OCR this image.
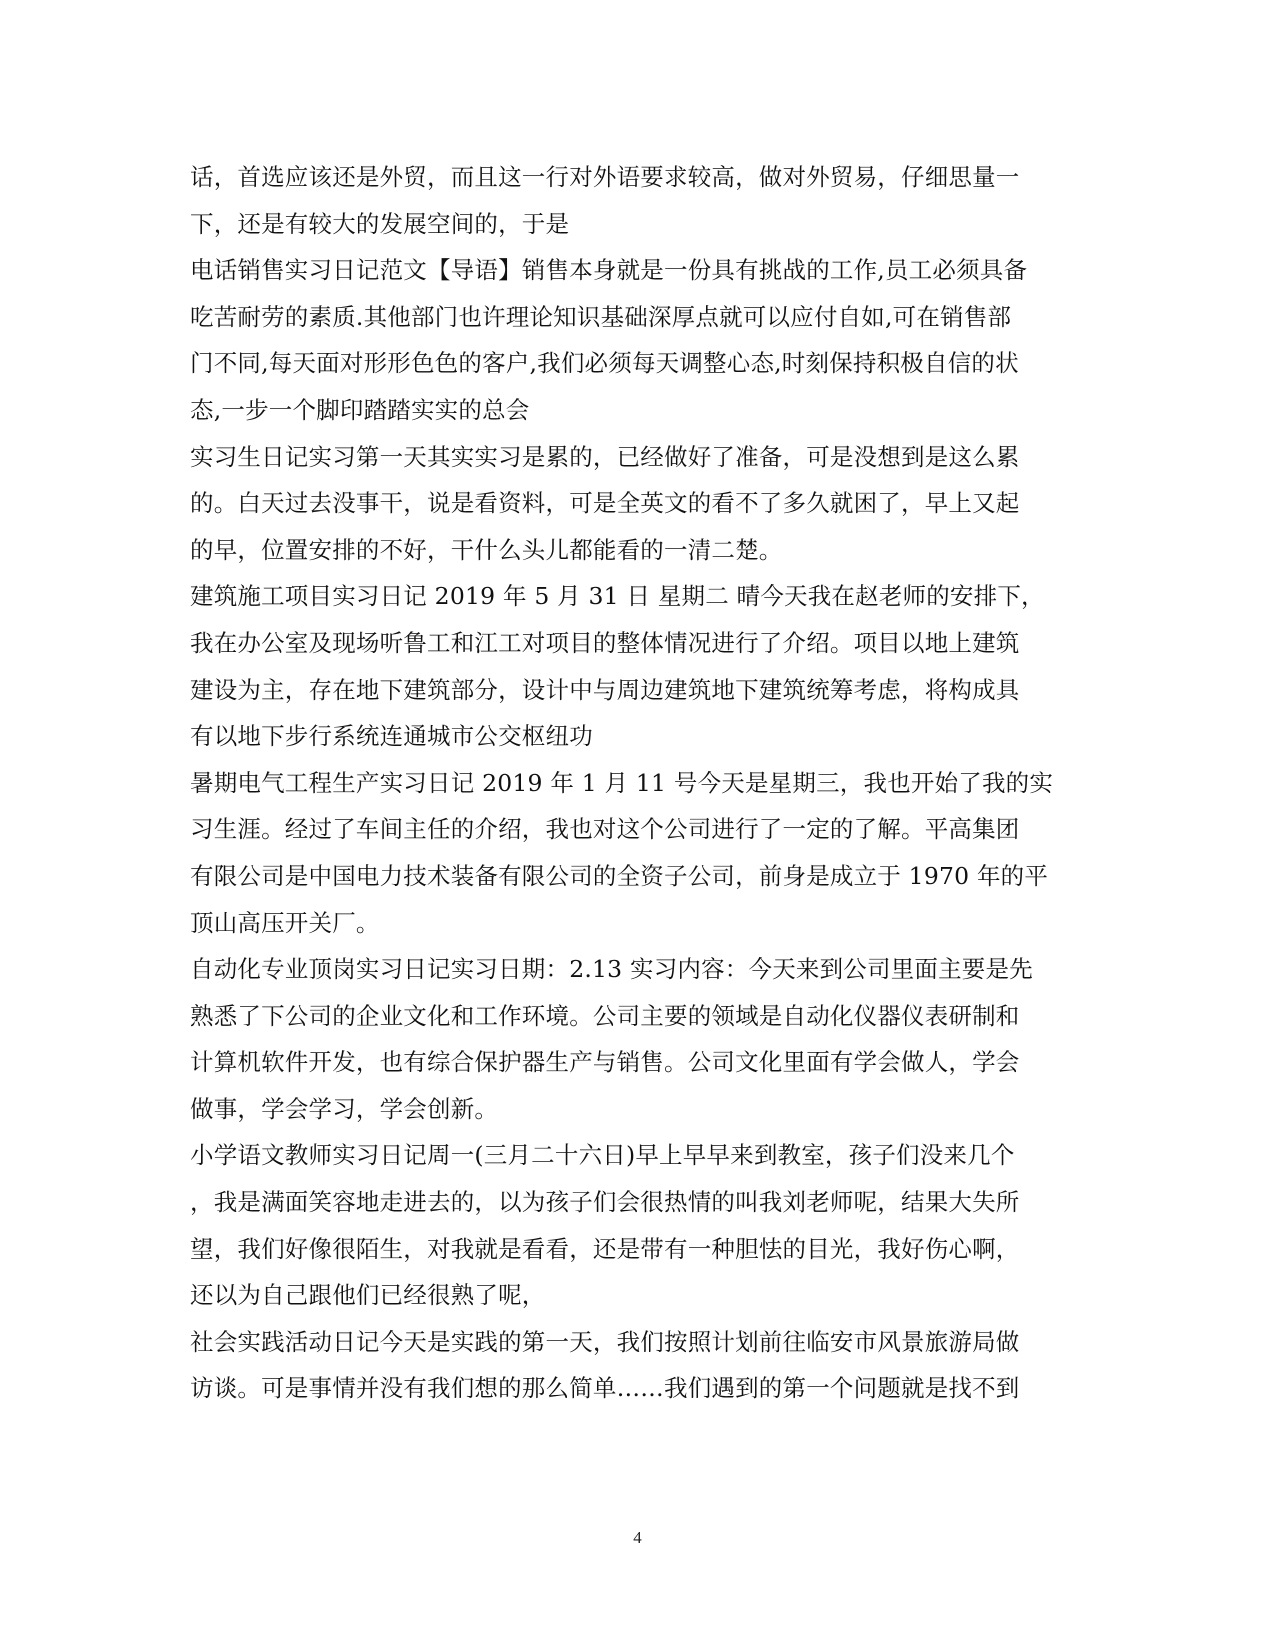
话，首选应该还是外贸，而且这一行对外语要求较高，做对外贸易，仔细思量一
下，还是有较大的发展空间的，于是
电话销售实习日记范文【导语】销售本身就是一份具有挑战的工作,员工必须具备
吃苦耐劳的素质.其他部门也许理论知识基础深厚点就可以应付自如,可在销售部
门不同,每天面对形形色色的客户,我们必须每天调整心态,时刻保持积极自信的状
态,一步一个脚印踏踏实实的总会
实习生日记实习第一天其实实习是累的，已经做好了准备，可是没想到是这么累
的。白天过去没事干，说是看资料，可是全英文的看不了多久就困了，早上又起
的早，位置安排的不好，干什么头儿都能看的一清二楚。
建筑施工项目实习日记 2019 年 5 月 31 日 星期二 晴今天我在赵老师的安排下，
我在办公室及现场听鲁工和江工对项目的整体情况进行了介绍。项目以地上建筑
建设为主，存在地下建筑部分，设计中与周边建筑地下建筑统筹考虑，将构成具
有以地下步行系统连通城市公交枢纽功
暑期电气工程生产实习日记 2019 年 1 月 11 号今天是星期三，我也开始了我的实
习生涯。经过了车间主任的介绍，我也对这个公司进行了一定的了解。平高集团
有限公司是中国电力技术装备有限公司的全资子公司，前身是成立于 1970 年的平
顶山高压开关厂。
自动化专业顶岗实习日记实习日期：2.13 实习内容：今天来到公司里面主要是先
熟悉了下公司的企业文化和工作环境。公司主要的领域是自动化仪器仪表研制和
计算机软件开发，也有综合保护器生产与销售。公司文化里面有学会做人，学会
做事，学会学习，学会创新。
小学语文教师实习日记周一(三月二十六日)早上早早来到教室，孩子们没来几个
，我是满面笑容地走进去的，以为孩子们会很热情的叫我刘老师呢，结果大失所
望，我们好像很陌生，对我就是看看，还是带有一种胆怯的目光，我好伤心啊，
还以为自己跟他们已经很熟了呢，
社会实践活动日记今天是实践的第一天，我们按照计划前往临安市风景旅游局做
访谈。可是事情并没有我们想的那么简单……我们遇到的第一个问题就是找不到
4
